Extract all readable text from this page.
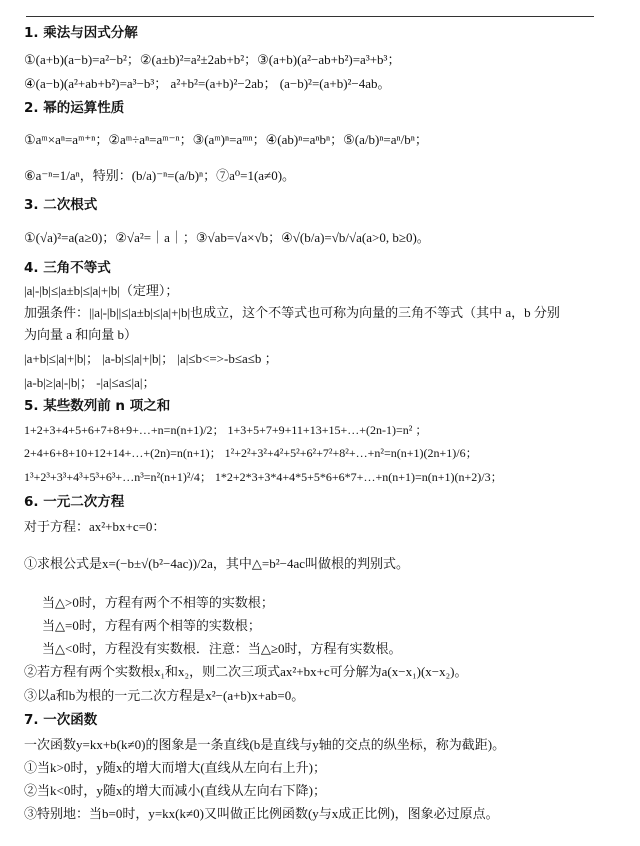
1. 乘法与因式分解
①(a+b)(a−b)=a²−b²；②(a±b)²=a²±2ab+b²；③(a+b)(a²−ab+b²)=a³+b³；
④(a−b)(a²+ab+b²)=a³−b³； a²+b²=(a+b)²−2ab； (a−b)²=(a+b)²−4ab。
2. 幂的运算性质
①aᵐ×aⁿ=aᵐ⁺ⁿ；②aᵐ÷aⁿ=aᵐ⁻ⁿ；③(aᵐ)ⁿ=aᵐⁿ；④(ab)ⁿ=aⁿbⁿ；⑤(a/b)ⁿ=aⁿ/bⁿ；
⑥a⁻ⁿ=1/aⁿ，特别：(b/a)⁻ⁿ=(a/b)ⁿ；⑦a⁰=1(a≠0)。
3. 二次根式
①(√a)²=a(a≥0)；②√a²=｜a｜；③√ab=√a×√b；④√(b/a)=√b/√a(a>0, b≥0)。
4. 三角不等式
|a|-|b|≤|a±b|≤|a|+|b|（定理）；
加强条件：||a|-|b||≤|a±b|≤|a|+|b|也成立，这个不等式也可称为向量的三角不等式（其中 a，b 分别
为向量 a 和向量 b）
|a+b|≤|a|+|b|； |a-b|≤|a|+|b|； |a|≤b<=>-b≤a≤b ；
|a-b|≥|a|-|b|； -|a|≤a≤|a|；
5. 某些数列前 n 项之和
1+2+3+4+5+6+7+8+9+…+n=n(n+1)/2； 1+3+5+7+9+11+13+15+…+(2n-1)=n² ；
2+4+6+8+10+12+14+…+(2n)=n(n+1)； 1²+2²+3²+4²+5²+6²+7²+8²+…+n²=n(n+1)(2n+1)/6；
1³+2³+3³+4³+5³+6³+…n³=n²(n+1)²/4； 1*2+2*3+3*4+4*5+5*6+6*7+…+n(n+1)=n(n+1)(n+2)/3；
6. 一元二次方程
对于方程：ax²+bx+c=0：
①求根公式是x=(−b±√(b²−4ac))/2a，其中△=b²−4ac叫做根的判别式。
当△>0时，方程有两个不相等的实数根；
当△=0时，方程有两个相等的实数根；
当△<0时，方程没有实数根．注意：当△≥0时，方程有实数根。
②若方程有两个实数根x₁和x₂，则二次三项式ax²+bx+c可分解为a(x−x₁)(x−x₂)。
③以a和b为根的一元二次方程是x²−(a+b)x+ab=0。
7. 一次函数
一次函数y=kx+b(k≠0)的图象是一条直线(b是直线与y轴的交点的纵坐标，称为截距)。
①当k>0时，y随x的增大而增大(直线从左向右上升)；
②当k<0时，y随x的增大而减小(直线从左向右下降)；
③特别地：当b=0时，y=kx(k≠0)又叫做正比例函数(y与x成正比例)，图象必过原点。
